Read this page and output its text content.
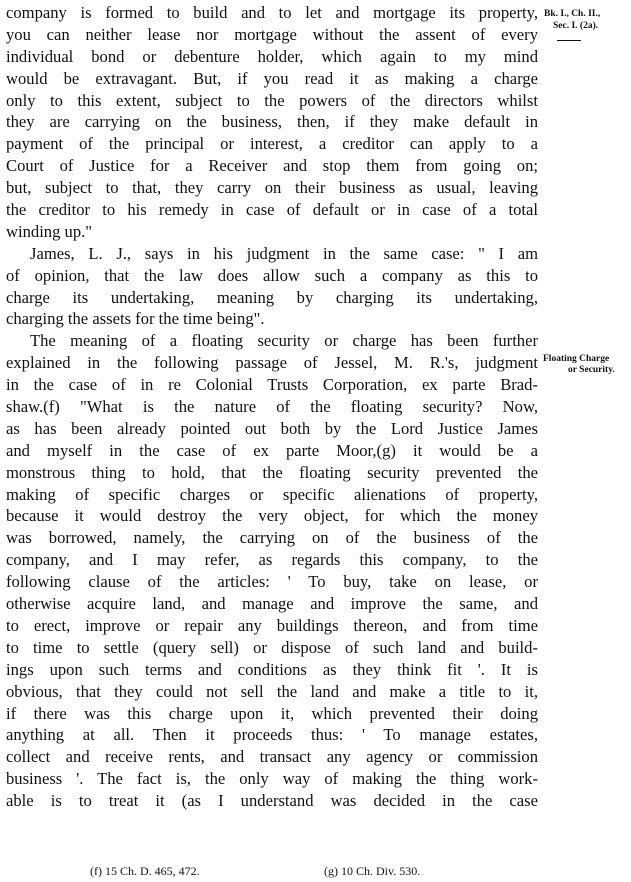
company is formed to build and to let and mortgage its property,
you can neither lease nor mortgage without the assent of every
individual bond or debenture holder, which again to my mind
would be extravagant. But, if you read it as making a charge
only to this extent, subject to the powers of the directors whilst
they are carrying on the business, then, if they make default in
payment of the principal or interest, a creditor can apply to a
Court of Justice for a Receiver and stop them from going on;
but, subject to that, they carry on their business as usual, leaving
the creditor to his remedy in case of default or in case of a total
winding up."
James, L. J., says in his judgment in the same case: " I am
of opinion, that the law does allow such a company as this to
charge its undertaking, meaning by charging its undertaking,
charging the assets for the time being".
The meaning of a floating security or charge has been further
explained in the following passage of Jessel, M. R.'s, judgment
in the case of in re Colonial Trusts Corporation, ex parte Brad-
shaw.(f) "What is the nature of the floating security? Now,
as has been already pointed out both by the Lord Justice James
and myself in the case of ex parte Moor,(g) it would be a
monstrous thing to hold, that the floating security prevented the
making of specific charges or specific alienations of property,
because it would destroy the very object, for which the money
was borrowed, namely, the carrying on of the business of the
company, and I may refer, as regards this company, to the
following clause of the articles: ' To buy, take on lease, or
otherwise acquire land, and manage and improve the same, and
to erect, improve or repair any buildings thereon, and from time
to time to settle (query sell) or dispose of such land and build-
ings upon such terms and conditions as they think fit '. It is
obvious, that they could not sell the land and make a title to it,
if there was this charge upon it, which prevented their doing
anything at all. Then it proceeds thus: ' To manage estates,
collect and receive rents, and transact any agency or commission
business '. The fact is, the only way of making the thing work-
able is to treat it (as I understand was decided in the case
Bk. I., Ch. II.,
Sec. I. (2a).
Floating Charge
or Security.
(f) 15 Ch. D. 465, 472.	(g) 10 Ch. Div. 530.
